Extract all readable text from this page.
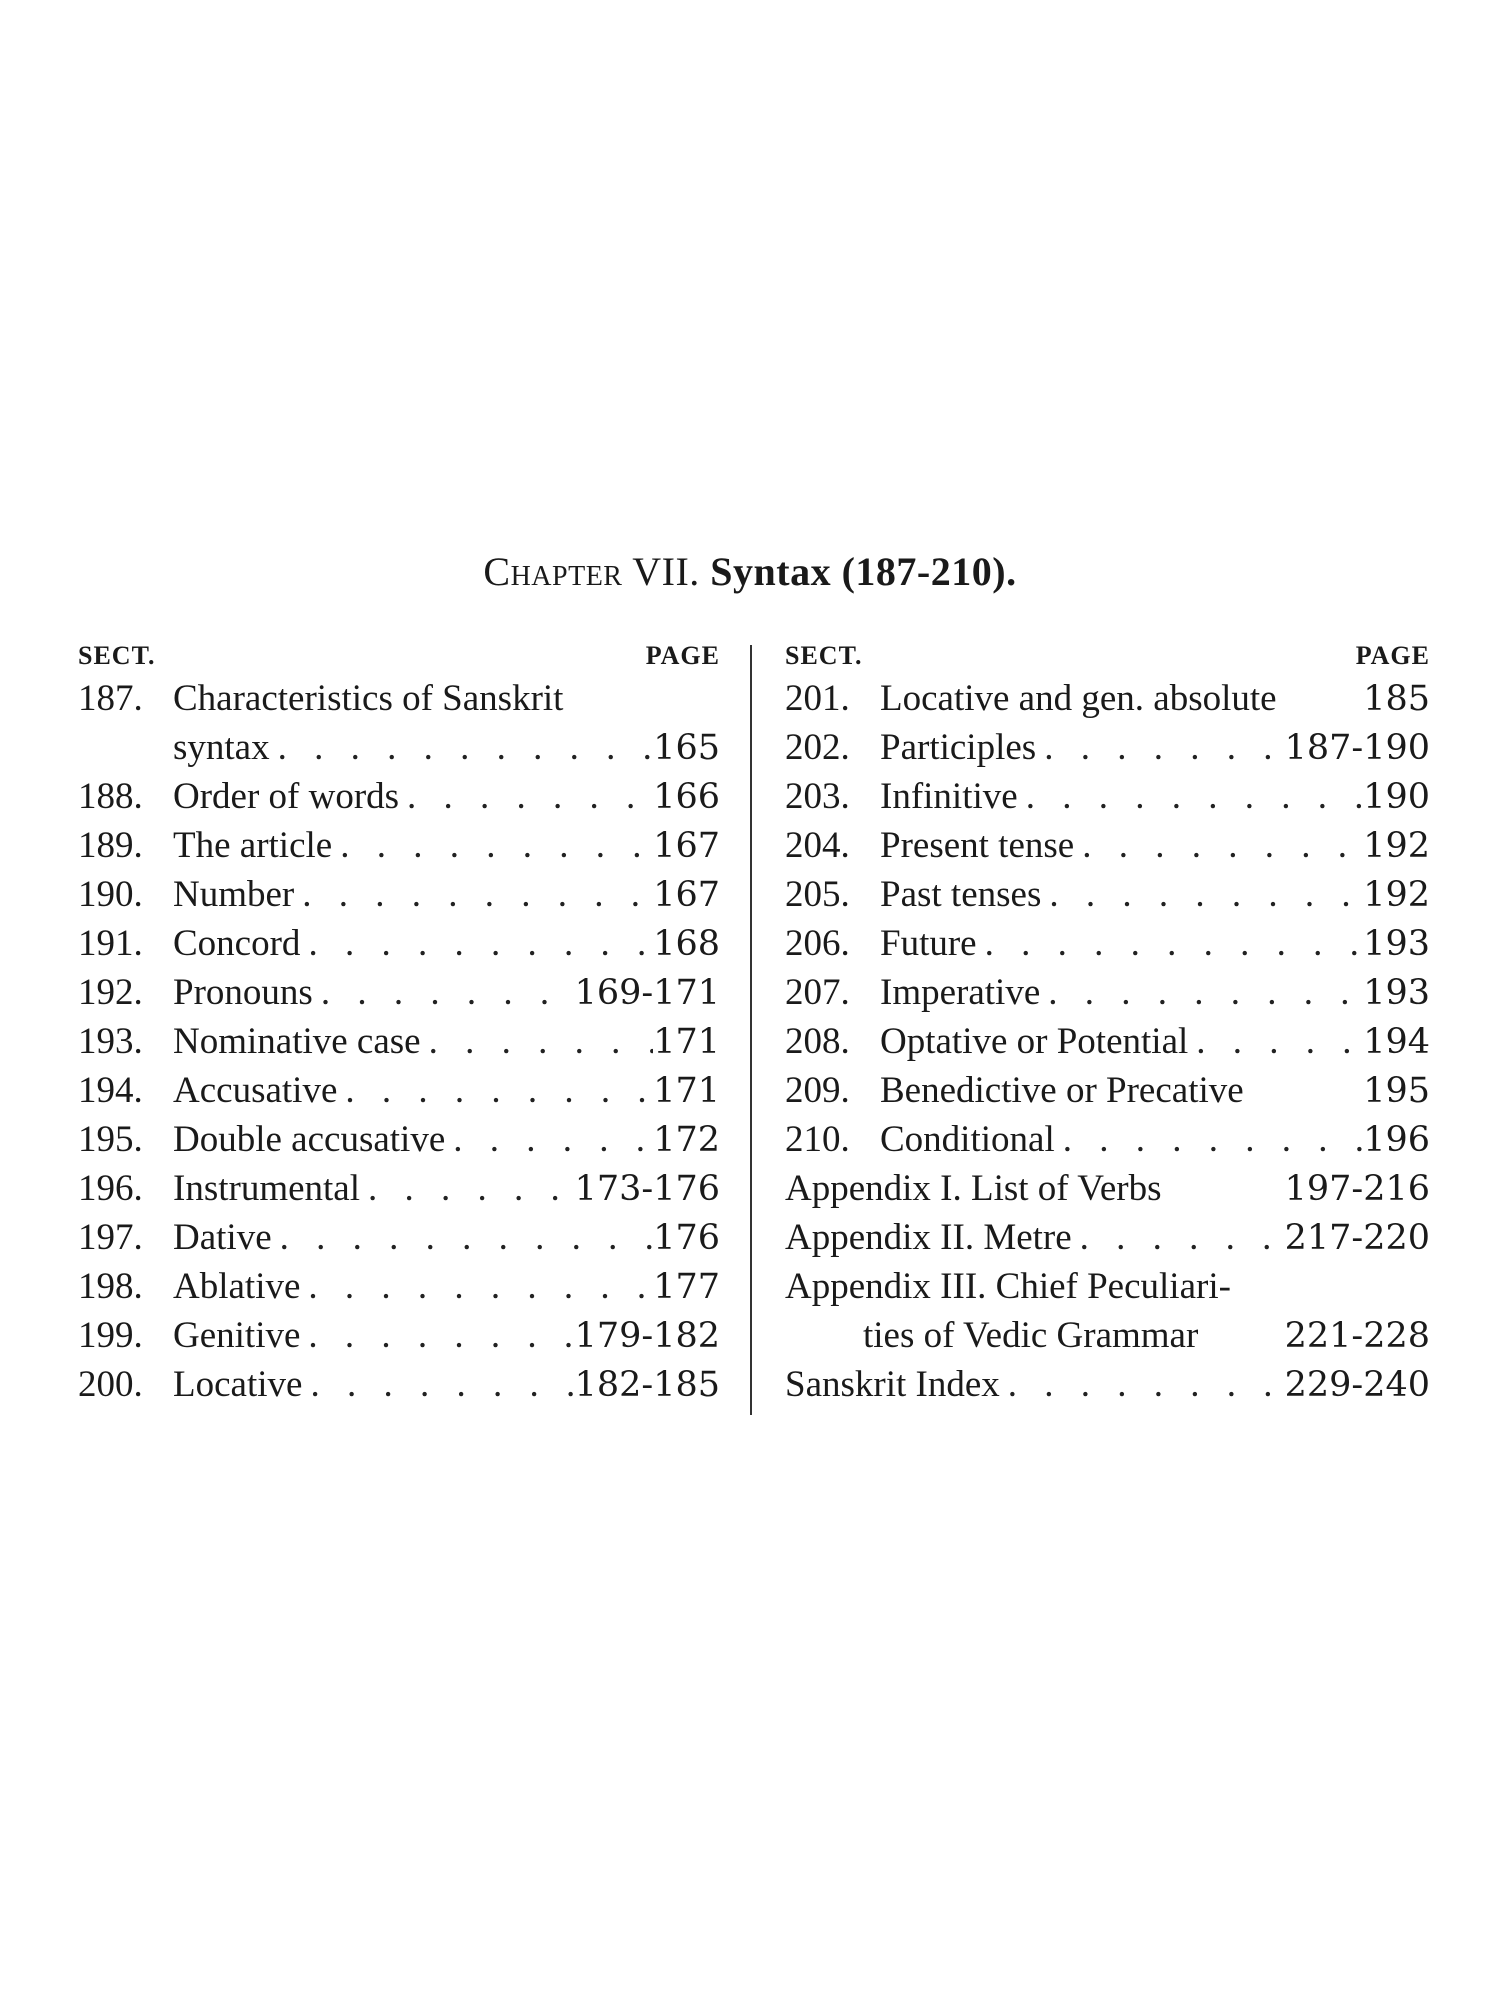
Chapter VII. Syntax (187-210).
SECT.	PAGE
187. Characteristics of Sanskrit
syntax . . .	165
188. Order of words . . .	166
189. The article . . .	167
190. Number . . .	167
191. Concord . . .	168
192. Pronouns . . .	169-171
193. Nominative case . . .	171
194. Accusative . . .	171
195. Double accusative . . .	172
196. Instrumental . . .	173-176
197. Dative . . .	176
198. Ablative . . .	177
199. Genitive . . .	179-182
200. Locative . . .	182-185
SECT.	PAGE
201. Locative and gen. absolute 185
202. Participles . . .	187-190
203. Infinitive . . .	190
204. Present tense . . .	192
205. Past tenses . . .	192
206. Future . . .	193
207. Imperative . . .	193
208. Optative or Potential . . .	194
209. Benedictive or Precative	195
210. Conditional . . .	196
Appendix I. List of Verbs	197-216
Appendix II. Metre . . .	217-220
Appendix III. Chief Peculiari-
ties of Vedic Grammar 221-228
Sanskrit Index . . .	229-240
